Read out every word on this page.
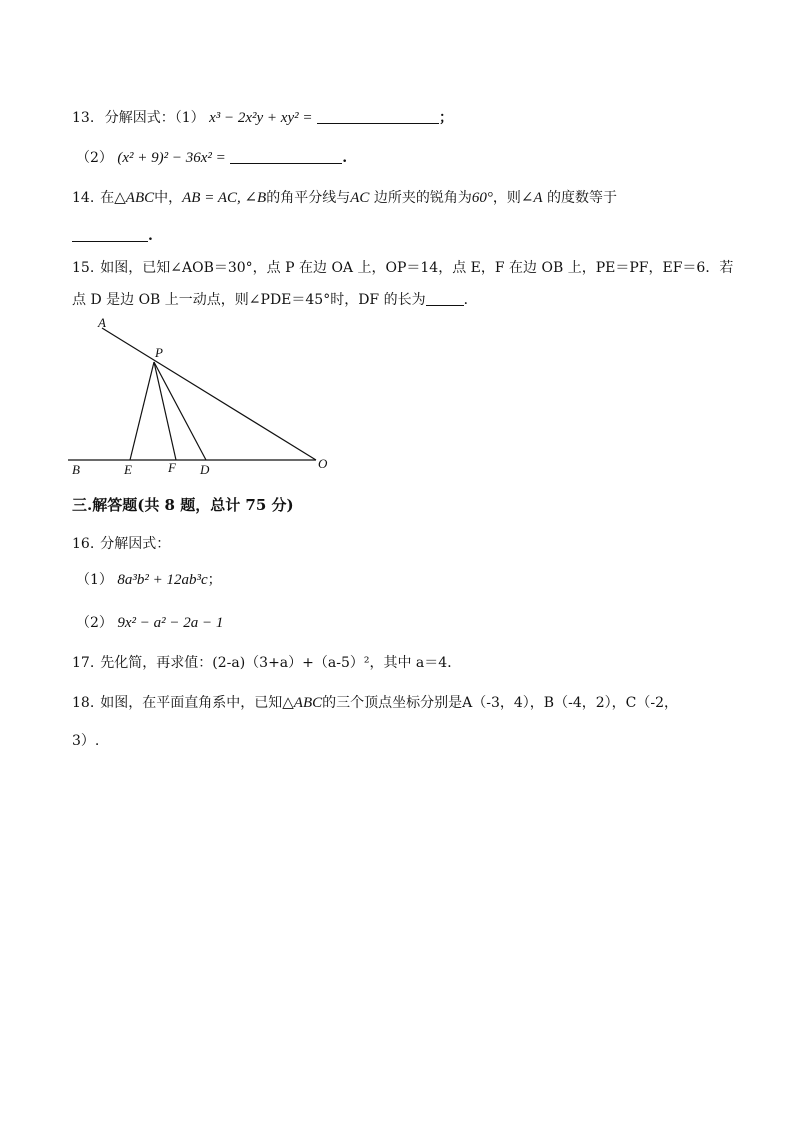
13. 分解因式：（1） x³ − 2x²y + xy² =	；
（2） (x² + 9)² − 36x² =	.
14. 在△ABC中，AB = AC, ∠B的角平分线与AC 边所夹的锐角为60°，则∠A 的度数等于
.
15. 如图，已知∠AOB＝30°，点 P 在边 OA 上，OP＝14，点 E，F 在边 OB 上，PE＝PF，EF＝6．若
点 D 是边 OB 上一动点，则∠PDE＝45°时，DF 的长为	．
A
P
B	E	F D	O
三.解答题(共 8 题，总计 75 分)
16. 分解因式：
（1） 8a³b² + 12ab³c；
（2） 9x² − a² − 2a − 1
17. 先化简，再求值：(2-a)（3+a）+（a-5）²，其中 a＝4．
18. 如图，在平面直角系中，已知△ABC的三个顶点坐标分别是A（-3，4），B（-4，2），C（-2，
3）.
